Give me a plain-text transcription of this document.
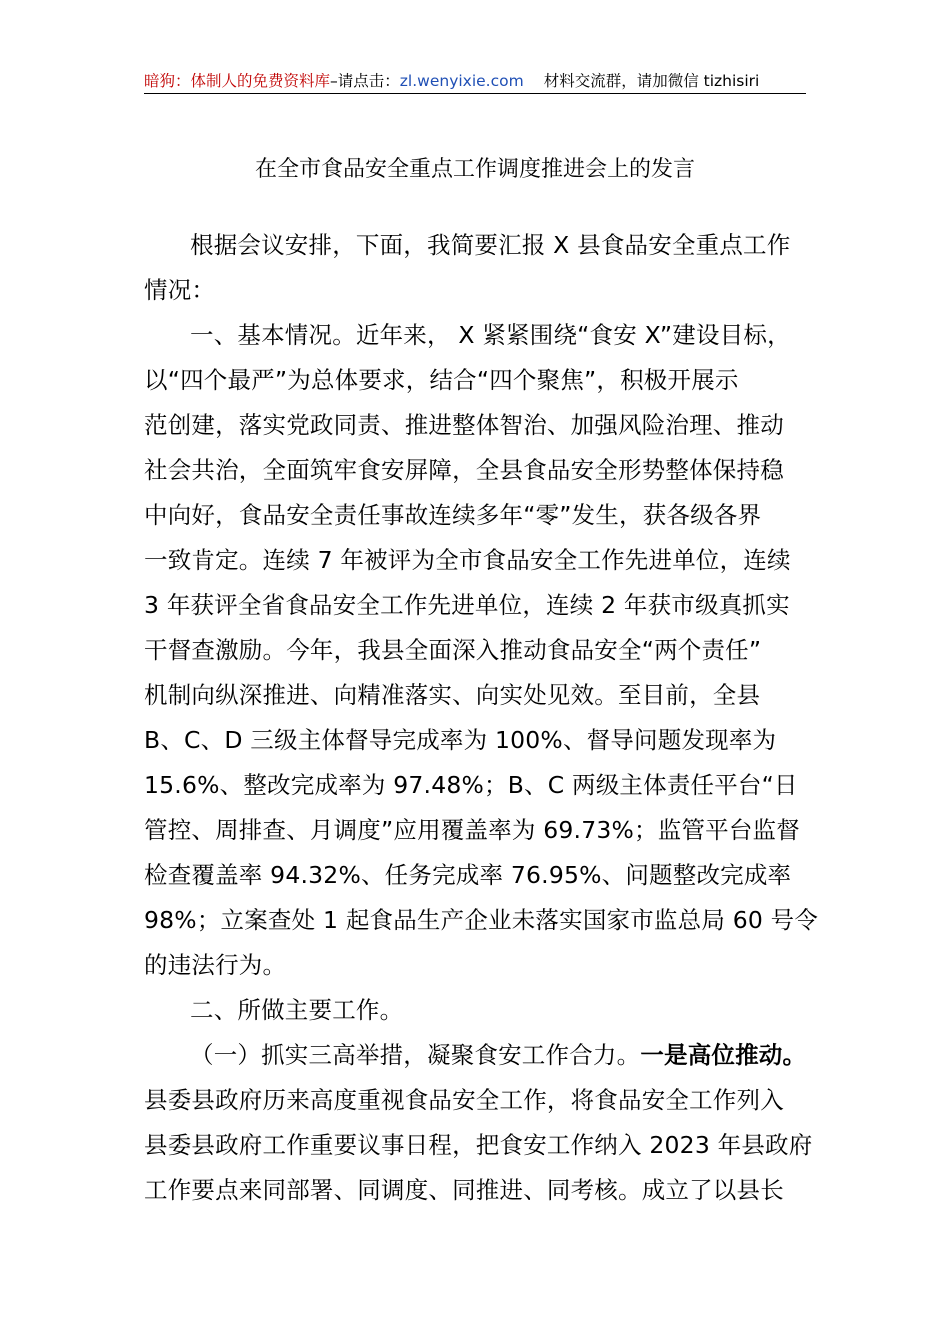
暗狗：体制人的免费资料库–请点击：zl.wenyixie.com 材料交流群，请加微信 tizhisiri
在全市食品安全重点工作调度推进会上的发言
根据会议安排，下面，我简要汇报 X 县食品安全重点工作
情况：
一、基本情况。近年来， X 紧紧围绕“食安 X”建设目标，
以“四个最严”为总体要求，结合“四个聚焦”，积极开展示
范创建，落实党政同责、推进整体智治、加强风险治理、推动
社会共治，全面筑牢食安屏障，全县食品安全形势整体保持稳
中向好，食品安全责任事故连续多年“零”发生，获各级各界
一致肯定。连续 7 年被评为全市食品安全工作先进单位，连续
3 年获评全省食品安全工作先进单位，连续 2 年获市级真抓实
干督查激励。今年，我县全面深入推动食品安全“两个责任”
机制向纵深推进、向精准落实、向实处见效。至目前，全县
B、C、D 三级主体督导完成率为 100%、督导问题发现率为
15.6%、整改完成率为 97.48%；B、C 两级主体责任平台“日
管控、周排查、月调度”应用覆盖率为 69.73%；监管平台监督
检查覆盖率 94.32%、任务完成率 76.95%、问题整改完成率
98%；立案查处 1 起食品生产企业未落实国家市监总局 60 号令
的违法行为。
二、所做主要工作。
（一）抓实三高举措，凝聚食安工作合力。一是高位推动。
县委县政府历来高度重视食品安全工作，将食品安全工作列入
县委县政府工作重要议事日程，把食安工作纳入 2023 年县政府
工作要点来同部署、同调度、同推进、同考核。成立了以县长
